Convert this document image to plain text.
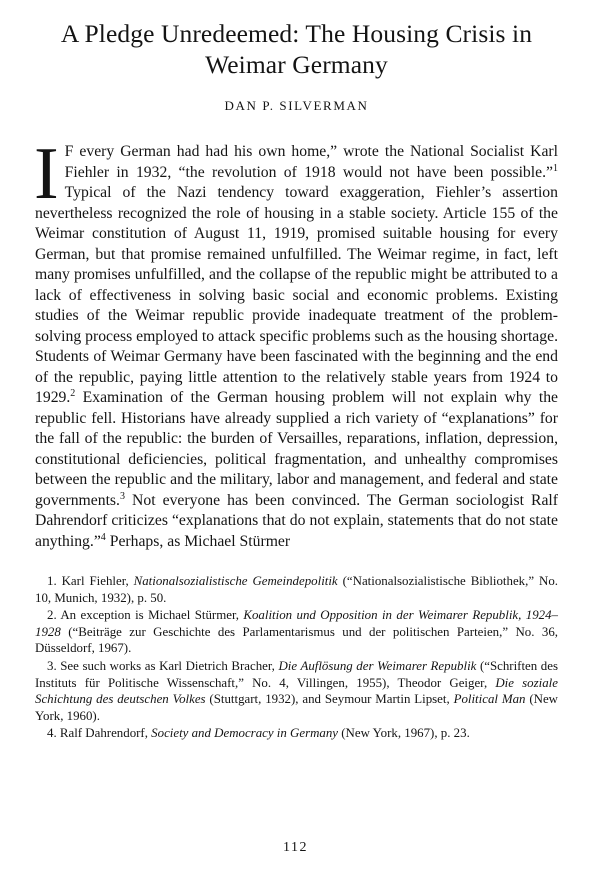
A Pledge Unredeemed: The Housing Crisis in
Weimar Germany
DAN P. SILVERMAN
I F every German had had his own home,” wrote the National Socialist Karl Fiehler in 1932, “the revolution of 1918 would not have been possible.”$^1$ Typical of the Nazi tendency toward exaggeration, Fiehler’s assertion nevertheless recognized the role of housing in a stable society. Article 155 of the Weimar constitution of August 11, 1919, promised suitable housing for every German, but that promise remained unfulfilled. The Weimar regime, in fact, left many promises unfulfilled, and the collapse of the republic might be attributed to a lack of effectiveness in solving basic social and economic problems. Existing studies of the Weimar republic provide inadequate treatment of the problem-solving process employed to attack specific problems such as the housing shortage. Students of Weimar Germany have been fascinated with the beginning and the end of the republic, paying little attention to the relatively stable years from 1924 to 1929.$^2$ Examination of the German housing problem will not explain why the republic fell. Historians have already supplied a rich variety of “explanations” for the fall of the republic: the burden of Versailles, reparations, inflation, depression, constitutional deficiencies, political fragmentation, and unhealthy compromises between the republic and the military, labor and management, and federal and state governments.$^3$ Not everyone has been convinced. The German sociologist Ralf Dahrendorf criticizes “explanations that do not explain, statements that do not state anything.”$^4$ Perhaps, as Michael Stürmer

1. Karl Fiehler, Nationalsozialistische Gemeindepolitik (“Nationalsozialistische Bibliothek,” No. 10, Munich, 1932), p. 50.

2. An exception is Michael Stürmer, Koalition und Opposition in der Weimarer Republik, 1924–1928 (“Beiträge zur Geschichte des Parlamentarismus und der politischen Parteien,” No. 36, Düsseldorf, 1967).

3. See such works as Karl Dietrich Bracher, Die Auflösung der Weimarer Republik (“Schriften des Instituts für Politische Wissenschaft,” No. 4, Villingen, 1955), Theodor Geiger, Die soziale Schichtung des deutschen Volkes (Stuttgart, 1932), and Seymour Martin Lipset, Political Man (New York, 1960).

4. Ralf Dahrendorf, Society and Democracy in Germany (New York, 1967), p. 23.

112
